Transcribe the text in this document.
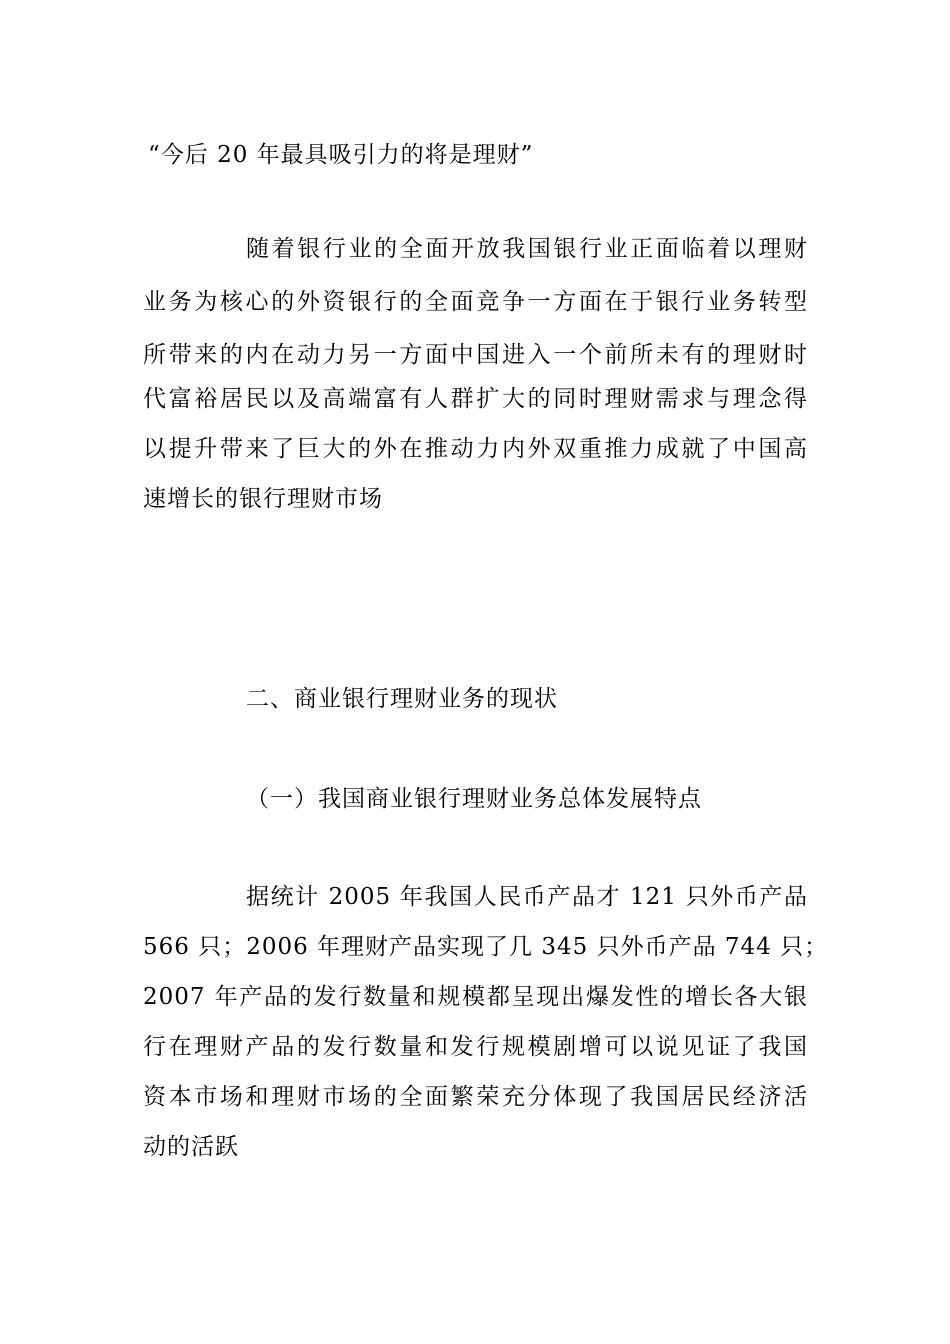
“今后 20 年最具吸引力的将是理财”
随着银行业的全面开放我国银行业正面临着以理财
业务为核心的外资银行的全面竞争一方面在于银行业务转型
所带来的内在动力另一方面中国进入一个前所未有的理财时
代富裕居民以及高端富有人群扩大的同时理财需求与理念得
以提升带来了巨大的外在推动力内外双重推力成就了中国高
速增长的银行理财市场
二、商业银行理财业务的现状
（一）我国商业银行理财业务总体发展特点
据统计 2005 年我国人民币产品才 121 只外币产品
566 只；2006 年理财产品实现了几 345 只外币产品 744 只；
2007 年产品的发行数量和规模都呈现出爆发性的增长各大银
行在理财产品的发行数量和发行规模剧增可以说见证了我国
资本市场和理财市场的全面繁荣充分体现了我国居民经济活
动的活跃
